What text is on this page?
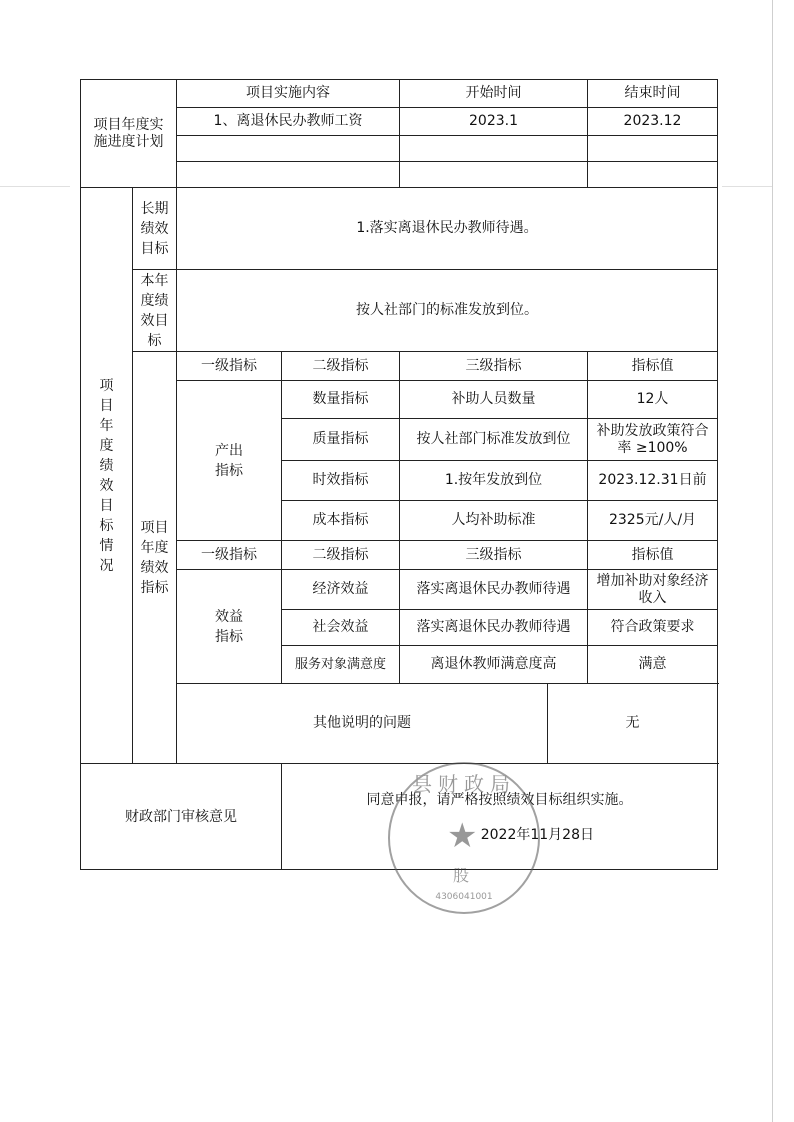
项目年度实施进度计划		项目实施内容		开始时间		结束时间
		1、离退休民办教师工资		2023.1		2023.12

项目年度绩效目标情况	长期绩效目标	1.落实离退休民办教师待遇。				

	本年度绩效目标	按人社部门的标准发放到位。				

	项目年度绩效指标	一级指标	二级指标	三级指标		指标值

		产出指标	数量指标	补助人员数量		12人
			质量指标	按人社部门标准发放到位		补助发放政策符合率 ≥100%
			时效指标	1.按年发放到位		2023.12.31日前
			成本指标	人均补助标准		2325元/人/月
		一级指标	二级指标	三级指标		指标值

		效益指标	经济效益	落实离退休民办教师待遇		增加补助对象经济收入
			社会效益	落实离退休民办教师待遇		符合政策要求
			服务对象满意度	离退休教师满意度高		满意
		其他说明的问题			无	
财政部门审核意见			同意申报，请严格按照绩效目标组织实施。
2022年11月28日			
县财政局
★
股
4306041001
